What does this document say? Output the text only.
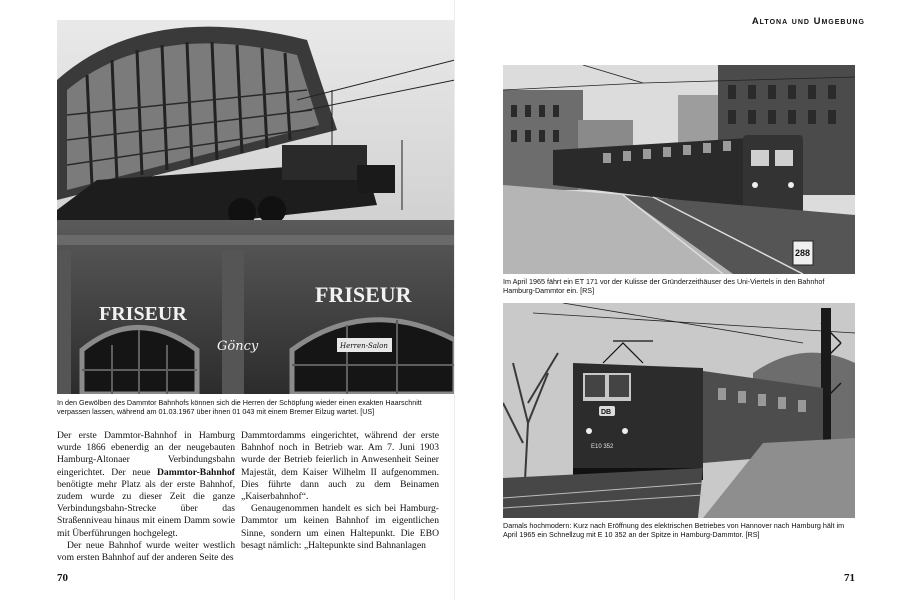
FRISEUR
FRISEUR
Göncy	Herren-Salon
In den Gewölben des Dammtor Bahnhofs können sich die Herren der Schöpfung wieder einen exakten Haarschnitt verpassen lassen, während am 01.03.1967 über ihnen 01 043 mit einem Bremer Eilzug wartet. [US]

Der erste Dammtor-Bahnhof in Hamburg wurde 1866 ebenerdig an der neugebauten Hamburg-Altonaer Verbindungsbahn eingerichtet. Der neue Dammtor-Bahnhof benötigte mehr Platz als der erste Bahnhof, zudem wurde zu dieser Zeit die ganze Verbindungsbahn-Strecke über das Straßenniveau hinaus mit einem Damm sowie mit Überführungen hochgelegt.

Der neue Bahnhof wurde weiter westlich vom ersten Bahnhof auf der anderen Seite des

Dammtordamms eingerichtet, während der erste Bahnhof noch in Betrieb war. Am 7. Juni 1903 wurde der Betrieb feierlich in Anwesenheit Seiner Majestät, dem Kaiser Wilhelm II aufgenommen. Dies führte dann auch zu dem Beinamen „Kaiserbahnhof“.

Genaugenommen handelt es sich bei Hamburg-Dammtor um keinen Bahnhof im eigentlichen Sinne, sondern um einen Haltepunkt. Die EBO besagt nämlich: „Haltepunkte sind Bahnanlagen

70
Altona und Umgebung
288
Im April 1965 fährt ein ET 171 vor der Kulisse der Gründerzeithäuser des Uni-Viertels in den Bahnhof Hamburg-Dammtor ein. [RS]
DB
E10 352
Damals hochmodern: Kurz nach Eröffnung des elektrischen Betriebes von Hannover nach Hamburg hält im April 1965 ein Schnellzug mit E 10 352 an der Spitze in Hamburg-Dammtor. [RS]
71
